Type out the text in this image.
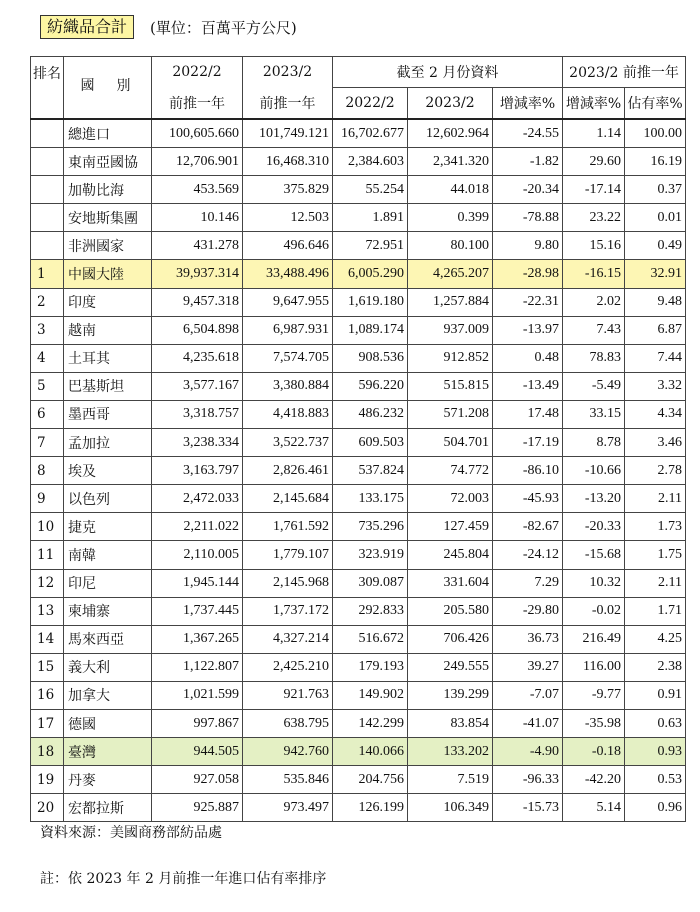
紡織品合計	(單位：百萬平方公尺)
排名	國　別	2022/2	2023/2	截至 2 月份資料			2023/2 前推一年	
		前推一年	前推一年	2022/2	2023/2	增減率%	增減率%	佔有率%
	總進口	100,605.660	101,749.121	16,702.677	12,602.964	-24.55	1.14	100.00
	東南亞國協	12,706.901	16,468.310	2,384.603	2,341.320	-1.82	29.60	16.19
	加勒比海	453.569	375.829	55.254	44.018	-20.34	-17.14	0.37
	安地斯集團	10.146	12.503	1.891	0.399	-78.88	23.22	0.01
	非洲國家	431.278	496.646	72.951	80.100	9.80	15.16	0.49
1	中國大陸	39,937.314	33,488.496	6,005.290	4,265.207	-28.98	-16.15	32.91
2	印度	9,457.318	9,647.955	1,619.180	1,257.884	-22.31	2.02	9.48
3	越南	6,504.898	6,987.931	1,089.174	937.009	-13.97	7.43	6.87
4	土耳其	4,235.618	7,574.705	908.536	912.852	0.48	78.83	7.44
5	巴基斯坦	3,577.167	3,380.884	596.220	515.815	-13.49	-5.49	3.32
6	墨西哥	3,318.757	4,418.883	486.232	571.208	17.48	33.15	4.34
7	孟加拉	3,238.334	3,522.737	609.503	504.701	-17.19	8.78	3.46
8	埃及	3,163.797	2,826.461	537.824	74.772	-86.10	-10.66	2.78
9	以色列	2,472.033	2,145.684	133.175	72.003	-45.93	-13.20	2.11
10	捷克	2,211.022	1,761.592	735.296	127.459	-82.67	-20.33	1.73
11	南韓	2,110.005	1,779.107	323.919	245.804	-24.12	-15.68	1.75
12	印尼	1,945.144	2,145.968	309.087	331.604	7.29	10.32	2.11
13	柬埔寨	1,737.445	1,737.172	292.833	205.580	-29.80	-0.02	1.71
14	馬來西亞	1,367.265	4,327.214	516.672	706.426	36.73	216.49	4.25
15	義大利	1,122.807	2,425.210	179.193	249.555	39.27	116.00	2.38
16	加拿大	1,021.599	921.763	149.902	139.299	-7.07	-9.77	0.91
17	德國	997.867	638.795	142.299	83.854	-41.07	-35.98	0.63
18	臺灣	944.505	942.760	140.066	133.202	-4.90	-0.18	0.93
19	丹麥	927.058	535.846	204.756	7.519	-96.33	-42.20	0.53
20	宏都拉斯	925.887	973.497	126.199	106.349	-15.73	5.14	0.96
資料來源：美國商務部紡品處
註：依 2023 年 2 月前推一年進口佔有率排序
